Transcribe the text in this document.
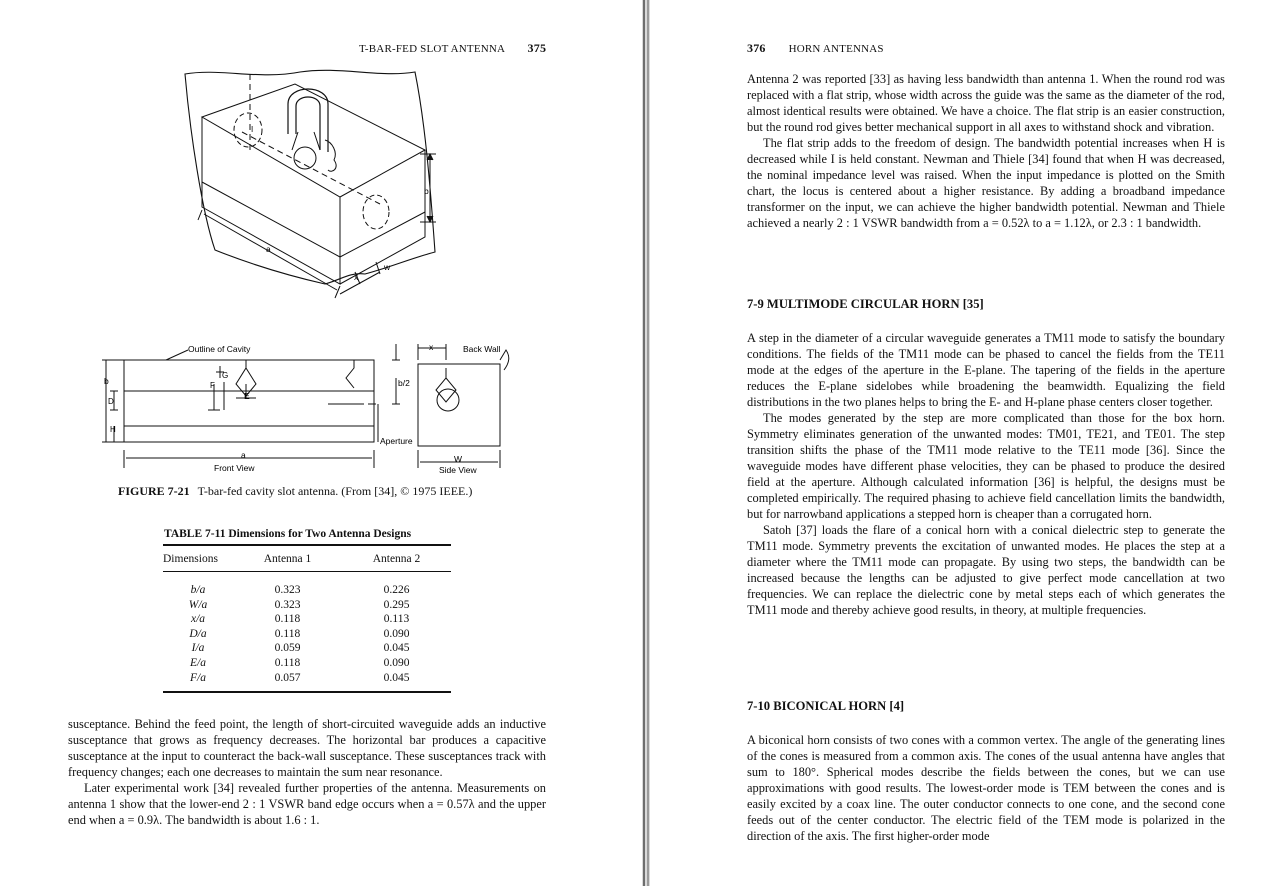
T-BAR-FED SLOT ANTENNA 375
a
b
x
w
I
Outline of Cavity
b
G
F
D
E
H
b/2
Aperture
a
Front View
x	Back Wall
W
Side View
FIGURE 7-21 T-bar-fed cavity slot antenna. (From [34], © 1975 IEEE.)
TABLE 7-11 Dimensions for Two Antenna Designs
Dimensions	Antenna 1	Antenna 2
b/a	0.323	0.226
W/a	0.323	0.295
x/a	0.118	0.113
D/a	0.118	0.090
I/a	0.059	0.045
E/a	0.118	0.090
F/a	0.057	0.045

susceptance. Behind the feed point, the length of short-circuited waveguide adds an inductive susceptance that grows as frequency decreases. The horizontal bar produces a capacitive susceptance at the input to counteract the back-wall susceptance. These susceptances track with frequency changes; each one decreases to maintain the sum near resonance.

Later experimental work [34] revealed further properties of the antenna. Measurements on antenna 1 show that the lower-end 2 : 1 VSWR band edge occurs when a = 0.57λ and the upper end when a = 0.9λ. The bandwidth is about 1.6 : 1.

376 HORN ANTENNAS

Antenna 2 was reported [33] as having less bandwidth than antenna 1. When the round rod was replaced with a flat strip, whose width across the guide was the same as the diameter of the rod, almost identical results were obtained. We have a choice. The flat strip is an easier construction, but the round rod gives better mechanical support in all axes to withstand shock and vibration.

The flat strip adds to the freedom of design. The bandwidth potential increases when H is decreased while I is held constant. Newman and Thiele [34] found that when H was decreased, the nominal impedance level was raised. When the input impedance is plotted on the Smith chart, the locus is centered about a higher resistance. By adding a broadband impedance transformer on the input, we can achieve the higher bandwidth potential. Newman and Thiele achieved a nearly 2 : 1 VSWR bandwidth from a = 0.52λ to a = 1.12λ, or 2.3 : 1 bandwidth.

7-9 MULTIMODE CIRCULAR HORN [35]

A step in the diameter of a circular waveguide generates a TM11 mode to satisfy the boundary conditions. The fields of the TM11 mode can be phased to cancel the fields from the TE11 mode at the edges of the aperture in the E-plane. The tapering of the fields in the aperture reduces the E-plane sidelobes while broadening the beamwidth. Equalizing the field distributions in the two planes helps to bring the E- and H-plane phase centers closer together.

The modes generated by the step are more complicated than those for the box horn. Symmetry eliminates generation of the unwanted modes: TM01, TE21, and TE01. The step transition shifts the phase of the TM11 mode relative to the TE11 mode [36]. Since the waveguide modes have different phase velocities, they can be phased to produce the desired field at the aperture. Although calculated information [36] is helpful, the designs must be completed empirically. The required phasing to achieve field cancellation limits the bandwidth, but for narrowband applications a stepped horn is cheaper than a corrugated horn.

Satoh [37] loads the flare of a conical horn with a conical dielectric step to generate the TM11 mode. Symmetry prevents the excitation of unwanted modes. He places the step at a diameter where the TM11 mode can propagate. By using two steps, the bandwidth can be increased because the lengths can be adjusted to give perfect mode cancellation at two frequencies. We can replace the dielectric cone by metal steps each of which generates the TM11 mode and thereby achieve good results, in theory, at multiple frequencies.

7-10 BICONICAL HORN [4]

A biconical horn consists of two cones with a common vertex. The angle of the generating lines of the cones is measured from a common axis. The cones of the usual antenna have angles that sum to 180°. Spherical modes describe the fields between the cones, but we can use approximations with good results. The lowest-order mode is TEM between the cones and is easily excited by a coax line. The outer conductor connects to one cone, and the second cone feeds out of the center conductor. The electric field of the TEM mode is polarized in the direction of the axis. The first higher-order mode
